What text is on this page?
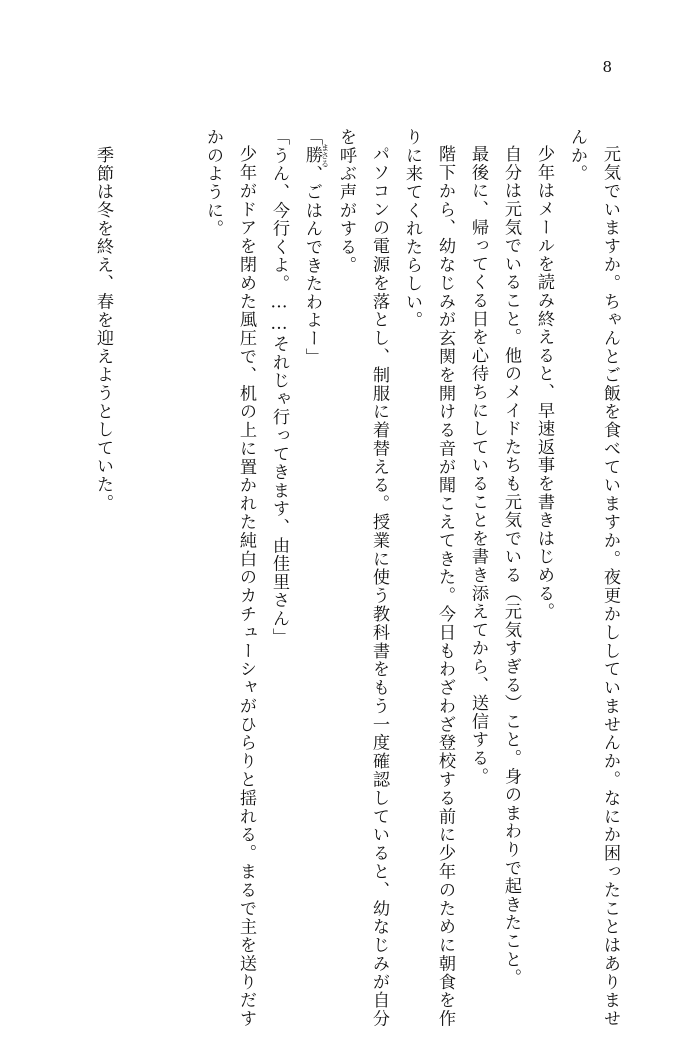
8

元気でいますか。ちゃんとご飯を食べていますか。夜更かししていませんか。なにか困ったことはありませんか。

少年はメールを読み終えると、早速返事を書きはじめる。

自分は元気でいること。他のメイドたちも元気でいる（元気すぎる）こと。身のまわりで起きたこと。

最後に、帰ってくる日を心待ちにしていることを書き添えてから、送信する。

階下から、幼なじみが玄関を開ける音が聞こえてきた。今日もわざわざ登校する前に少年のために朝食を作りに来てくれたらしい。

パソコンの電源を落とし、制服に着替える。授業に使う教科書をもう一度確認していると、幼なじみが自分を呼ぶ声がする。

「勝まさる、ごはんできたわよー」

「うん、今行くよ。……それじゃ行ってきます、由佳里さん」

少年がドアを閉めた風圧で、机の上に置かれた純白のカチューシャがひらりと揺れる。まるで主を送りだすかのように。

季節は冬を終え、春を迎えようとしていた。
